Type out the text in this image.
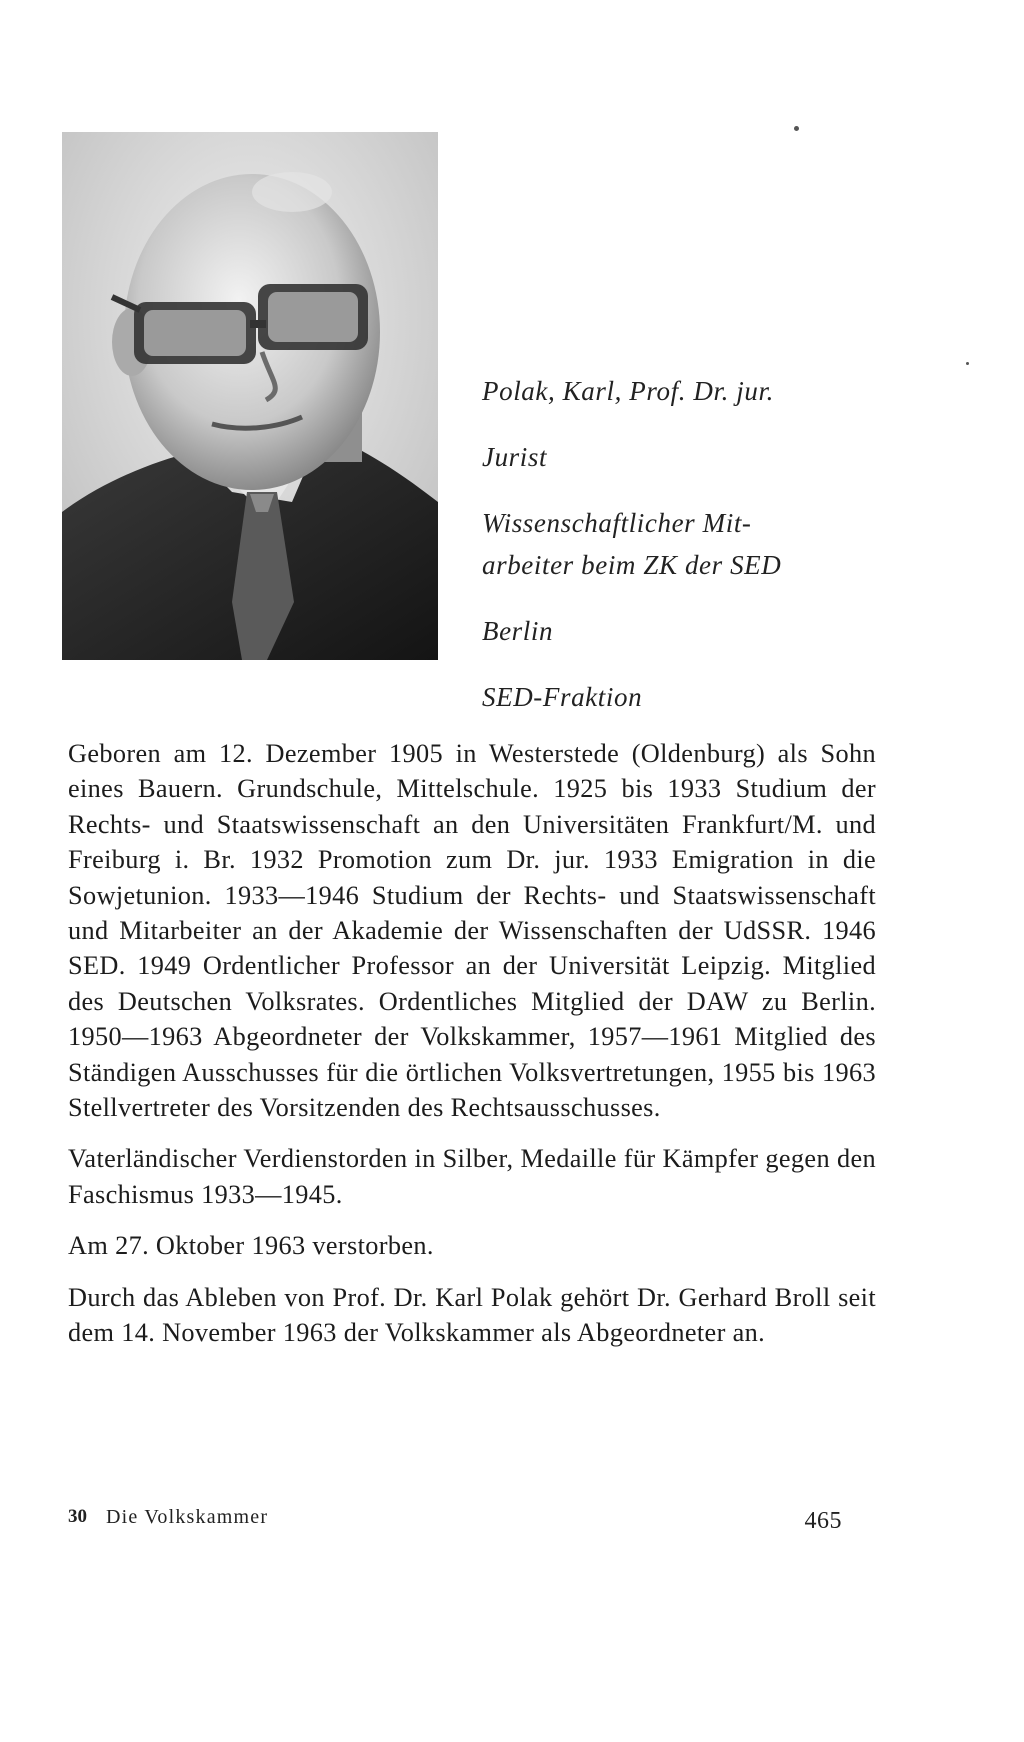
Polak, Karl, Prof. Dr. jur.

Jurist

Wissenschaftlicher Mit-
arbeiter beim ZK der SED

Berlin

SED-Fraktion

Geboren am 12. Dezember 1905 in Westerstede (Oldenburg) als Sohn eines Bauern. Grundschule, Mittelschule. 1925 bis 1933 Studium der Rechts- und Staatswissenschaft an den Universitäten Frankfurt/M. und Freiburg i. Br. 1932 Promotion zum Dr. jur. 1933 Emigration in die Sowjetunion. 1933—1946 Studium der Rechts- und Staatswissenschaft und Mitarbeiter an der Akademie der Wissenschaften der UdSSR. 1946 SED. 1949 Ordentlicher Professor an der Universität Leipzig. Mitglied des Deutschen Volksrates. Ordentliches Mitglied der DAW zu Berlin. 1950—1963 Abgeordneter der Volkskammer, 1957—1961 Mitglied des Ständigen Ausschusses für die örtlichen Volksvertretungen, 1955 bis 1963 Stellvertreter des Vorsitzenden des Rechtsausschusses.

Vaterländischer Verdienstorden in Silber, Medaille für Kämpfer gegen den Faschismus 1933—1945.

Am 27. Oktober 1963 verstorben.

Durch das Ableben von Prof. Dr. Karl Polak gehört Dr. Gerhard Broll seit dem 14. November 1963 der Volkskammer als Abgeordneter an.

30 Die Volkskammer	465
